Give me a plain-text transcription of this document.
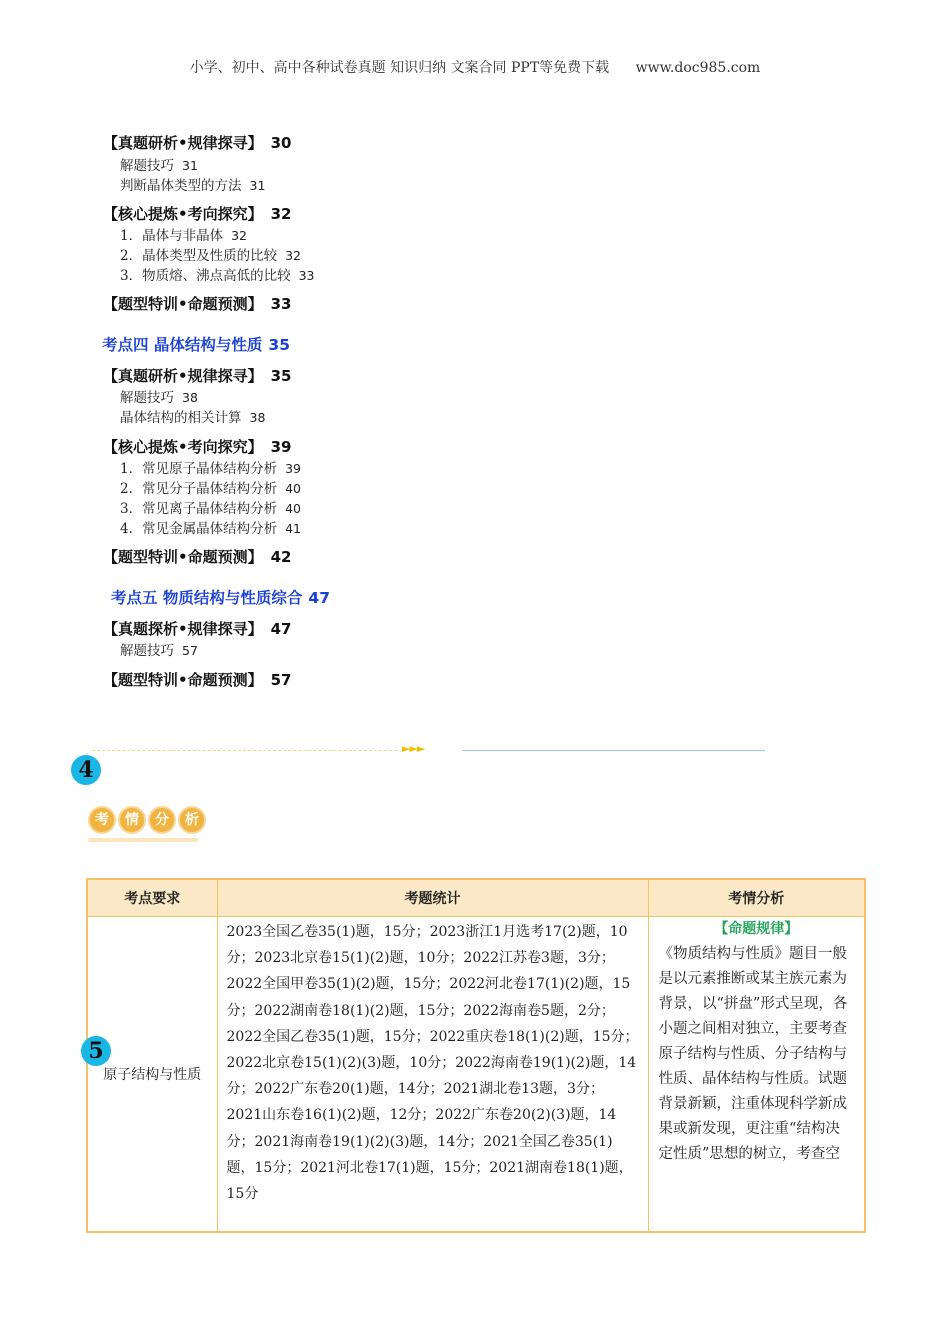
小学、初中、高中各种试卷真题 知识归纳 文案合同 PPT等免费下载 www.doc985.com
【真题研析•规律探寻】 30
解题技巧 31
判断晶体类型的方法 31
【核心提炼•考向探究】 32
1．晶体与非晶体 32
2．晶体类型及性质的比较 32
3．物质熔、沸点高低的比较 33
【题型特训•命题预测】 33
考点四 晶体结构与性质 35
【真题研析•规律探寻】 35
解题技巧 38
晶体结构的相关计算 38
【核心提炼•考向探究】 39
1．常见原子晶体结构分析 39
2．常见分子晶体结构分析 40
3．常见离子晶体结构分析 40
4．常见金属晶体结构分析 41
【题型特训•命题预测】 42
考点五 物质结构与性质综合 47
【真题探析•规律探寻】 47
解题技巧 57
【题型特训•命题预测】 57
►►►
4
考	情	分	析
考点要求	考题统计	考情分析
原子结构与性质	2023全国乙卷35(1)题，15分；2023浙江1月选考17(2)题，10分；2023北京卷15(1)(2)题，10分；2022江苏卷3题，3分；2022全国甲卷35(1)(2)题，15分；2022河北卷17(1)(2)题，15分；2022湖南卷18(1)(2)题，15分；2022海南卷5题，2分；2022全国乙卷35(1)题，15分；2022重庆卷18(1)(2)题，15分；2022北京卷15(1)(2)(3)题，10分；2022海南卷19(1)(2)题，14分；2022广东卷20(1)题，14分；2021湖北卷13题，3分；2021山东卷16(1)(2)题，12分；2022广东卷20(2)(3)题，14分；2021海南卷19(1)(2)(3)题，14分；2021全国乙卷35(1)题，15分；2021河北卷17(1)题，15分；2021湖南卷18(1)题，15分	【命题规律】
《物质结构与性质》题目一般是以元素推断或某主族元素为背景，以“拼盘”形式呈现，各小题之间相对独立，主要考查原子结构与性质、分子结构与性质、晶体结构与性质。试题背景新颖，注重体现科学新成果或新发现，更注重“结构决定性质”思想的树立，考查空
5
